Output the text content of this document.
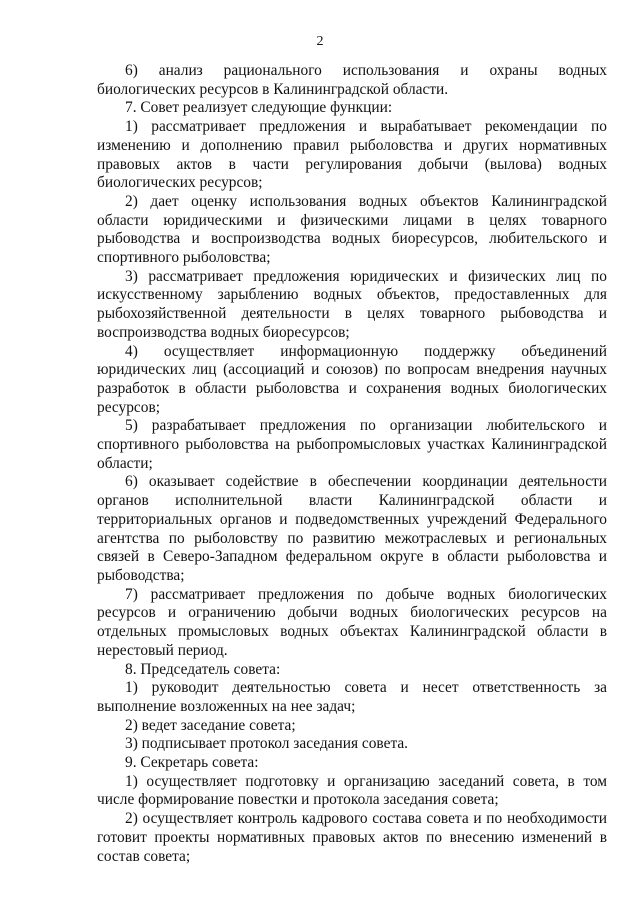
2

6) анализ рационального использования и охраны водных биологических ресурсов в Калининградской области.

7. Совет реализует следующие функции:

1) рассматривает предложения и вырабатывает рекомендации по изменению и дополнению правил рыболовства и других нормативных правовых актов в части регулирования добычи (вылова) водных биологических ресурсов;

2) дает оценку использования водных объектов Калининградской области юридическими и физическими лицами в целях товарного рыбоводства и воспроизводства водных биоресурсов, любительского и спортивного рыболовства;

3) рассматривает предложения юридических и физических лиц по искусственному зарыблению водных объектов, предоставленных для рыбохозяйственной деятельности в целях товарного рыбоводства и воспроизводства водных биоресурсов;

4) осуществляет информационную поддержку объединений юридических лиц (ассоциаций и союзов) по вопросам внедрения научных разработок в области рыболовства и сохранения водных биологических ресурсов;

5) разрабатывает предложения по организации любительского и спортивного рыболовства на рыбопромысловых участках Калининградской области;

6) оказывает содействие в обеспечении координации деятельности органов исполнительной власти Калининградской области и территориальных органов и подведомственных учреждений Федерального агентства по рыболовству по развитию межотраслевых и региональных связей в Северо-Западном федеральном округе в области рыболовства и рыбоводства;

7) рассматривает предложения по добыче водных биологических ресурсов и ограничению добычи водных биологических ресурсов на отдельных промысловых водных объектах Калининградской области в нерестовый период.

8. Председатель совета:

1) руководит деятельностью совета и несет ответственность за выполнение возложенных на нее задач;

2) ведет заседание совета;

3) подписывает протокол заседания совета.

9. Секретарь совета:

1) осуществляет подготовку и организацию заседаний совета, в том числе формирование повестки и протокола заседания совета;

2) осуществляет контроль кадрового состава совета и по необходимости готовит проекты нормативных правовых актов по внесению изменений в состав совета;
